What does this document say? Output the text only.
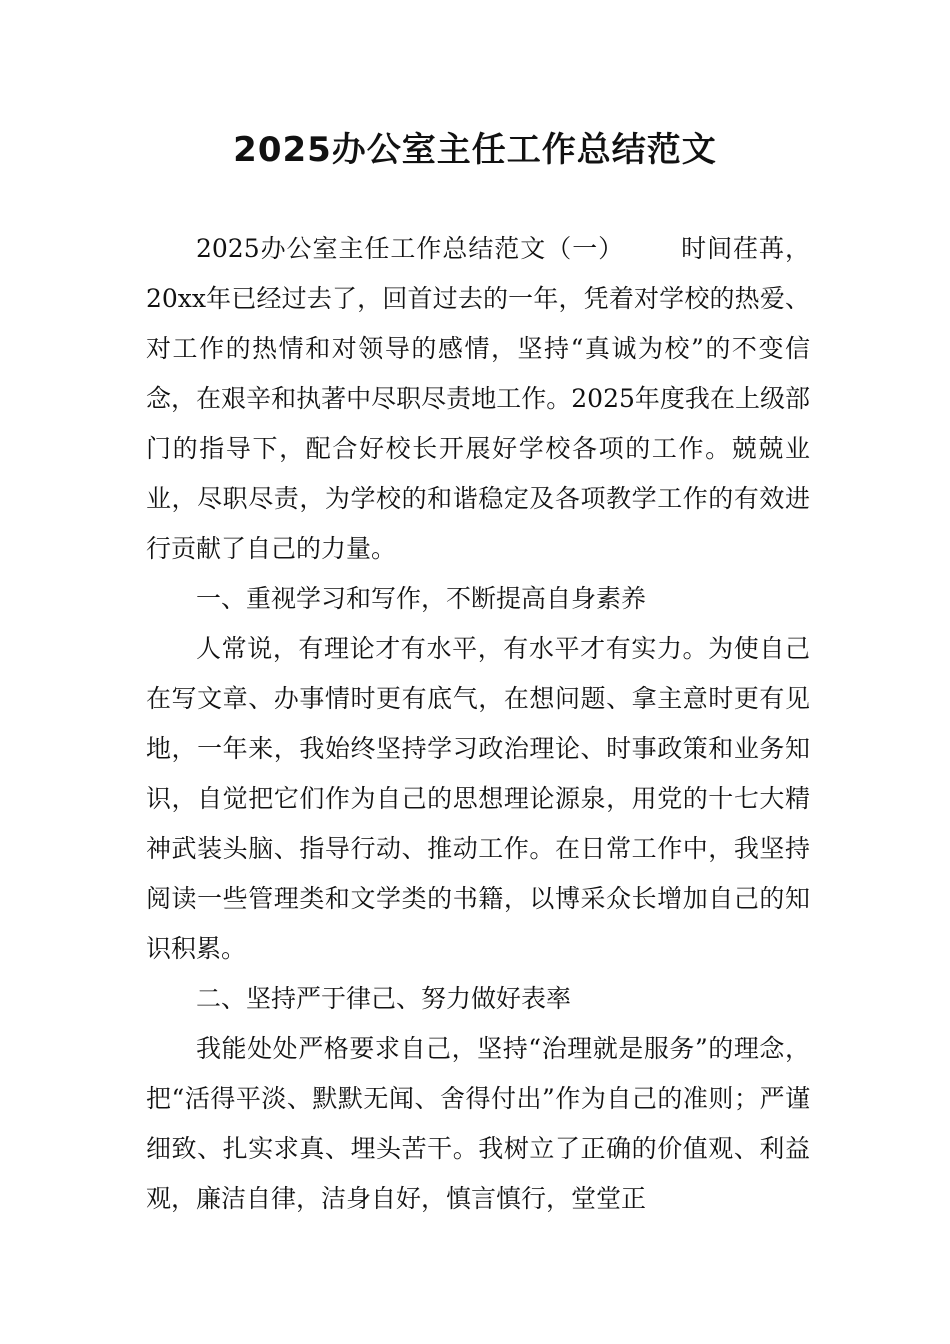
2025办公室主任工作总结范文

2025办公室主任工作总结范文（一） 时间荏苒，20xx年已经过去了，回首过去的一年，凭着对学校的热爱、对工作的热情和对领导的感情，坚持“真诚为校”的不变信念，在艰辛和执著中尽职尽责地工作。2025年度我在上级部门的指导下，配合好校长开展好学校各项的工作。兢兢业业，尽职尽责，为学校的和谐稳定及各项教学工作的有效进行贡献了自己的力量。

一、重视学习和写作，不断提高自身素养

人常说，有理论才有水平，有水平才有实力。为使自己在写文章、办事情时更有底气，在想问题、拿主意时更有见地，一年来，我始终坚持学习政治理论、时事政策和业务知识，自觉把它们作为自己的思想理论源泉，用党的十七大精神武装头脑、指导行动、推动工作。在日常工作中，我坚持阅读一些管理类和文学类的书籍，以博采众长增加自己的知识积累。

二、坚持严于律己、努力做好表率

我能处处严格要求自己，坚持“治理就是服务”的理念，把“活得平淡、默默无闻、舍得付出”作为自己的准则；严谨细致、扎实求真、埋头苦干。我树立了正确的价值观、利益观，廉洁自律，洁身自好，慎言慎行，堂堂正
